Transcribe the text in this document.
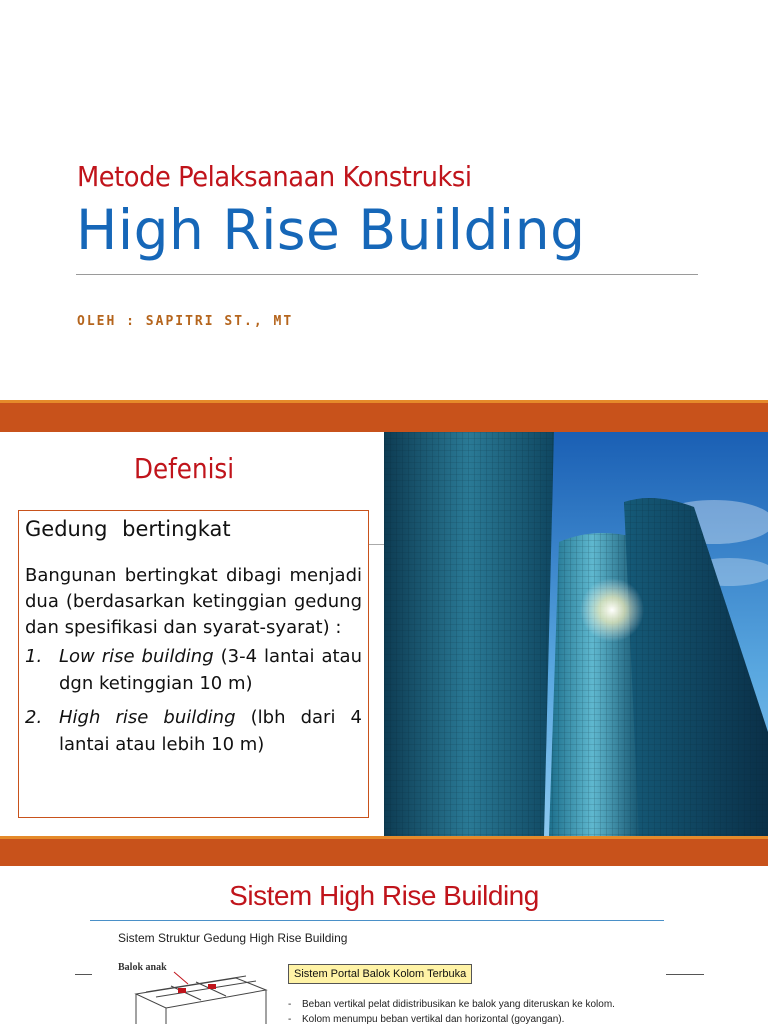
Metode Pelaksanaan Konstruksi
High Rise Building
OLEH : SAPITRI ST., MT
Defenisi
Gedung bertingkat

Bangunan bertingkat dibagi menjadi dua (berdasarkan ketinggian gedung dan spesifikasi dan syarat-syarat) :

1. Low rise building (3-4 lantai atau dgn ketinggian 10 m)
2. High rise building (lbh dari 4 lantai atau lebih 10 m)
Sistem High Rise Building
Sistem Struktur Gedung High Rise Building
Balok anak
Sistem Portal Balok Kolom Terbuka
- Beban vertikal pelat didistribusikan ke balok yang diteruskan ke kolom.
- Kolom menumpu beban vertikal dan horizontal (goyangan).
